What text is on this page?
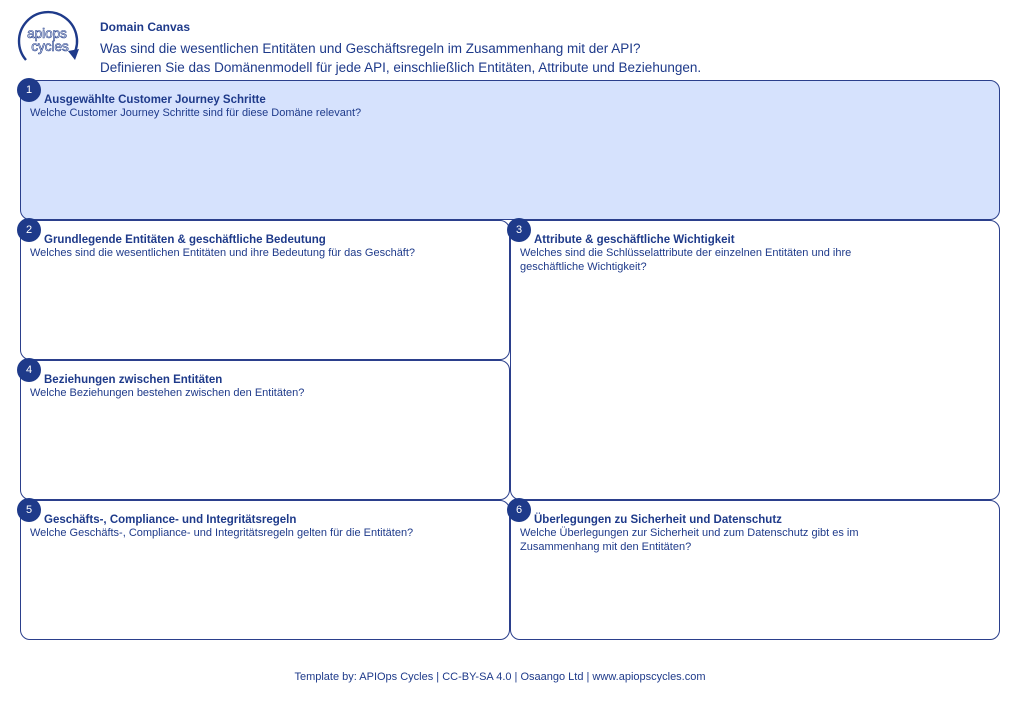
apiops
cycles
Domain Canvas
Was sind die wesentlichen Entitäten und Geschäftsregeln im Zusammenhang mit der API?
Definieren Sie das Domänenmodell für jede API, einschließlich Entitäten, Attribute und Beziehungen.
1
Ausgewählte Customer Journey Schritte
Welche Customer Journey Schritte sind für diese Domäne relevant?
2
Grundlegende Entitäten & geschäftliche Bedeutung
Welches sind die wesentlichen Entitäten und ihre Bedeutung für das Geschäft?
3
Attribute & geschäftliche Wichtigkeit
Welches sind die Schlüsselattribute der einzelnen Entitäten und ihre geschäftliche Wichtigkeit?
4
Beziehungen zwischen Entitäten
Welche Beziehungen bestehen zwischen den Entitäten?
5
Geschäfts-, Compliance- und Integritätsregeln
Welche Geschäfts-, Compliance- und Integritätsregeln gelten für die Entitäten?
6
Überlegungen zu Sicherheit und Datenschutz
Welche Überlegungen zur Sicherheit und zum Datenschutz gibt es im Zusammenhang mit den Entitäten?
Template by: APIOps Cycles | CC-BY-SA 4.0 | Osaango Ltd | www.apiopscycles.com
